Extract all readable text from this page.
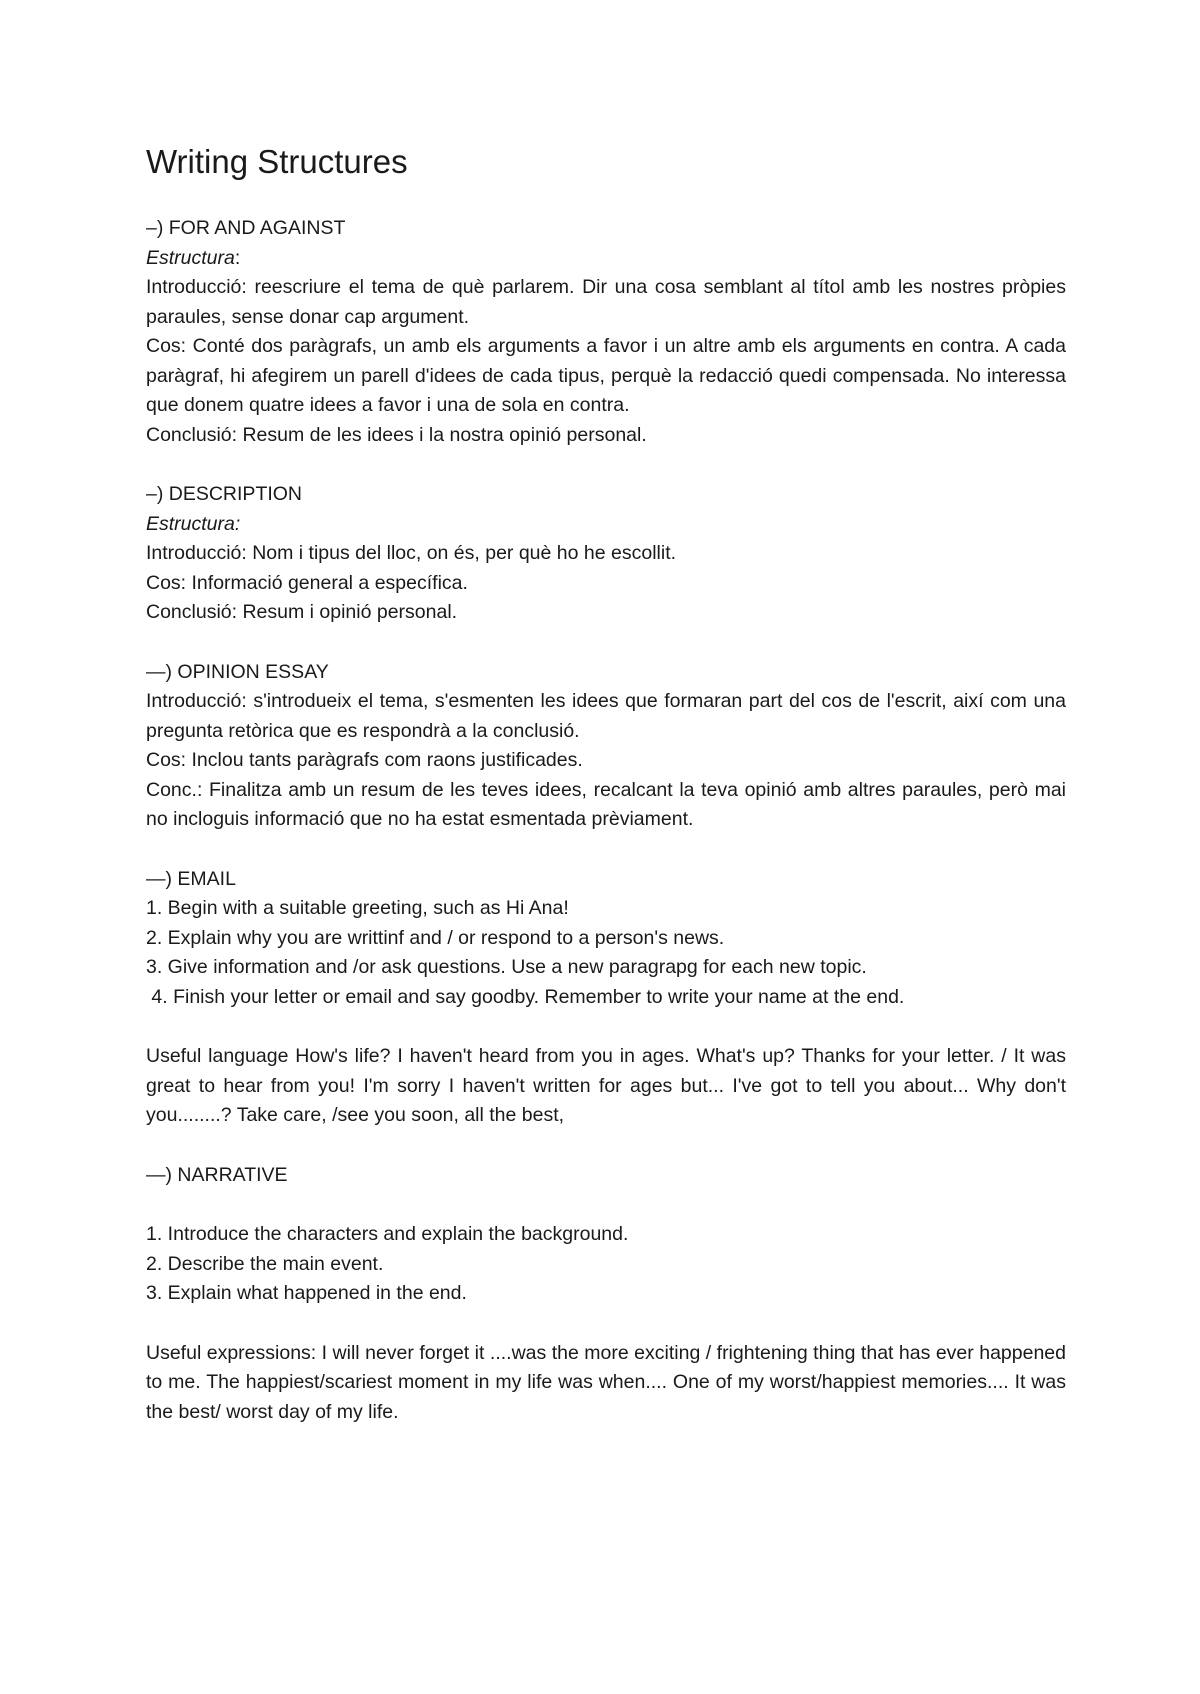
Writing Structures

–) FOR AND AGAINST

Estructura:

Introducció: reescriure el tema de què parlarem. Dir una cosa semblant al títol amb les nostres pròpies paraules, sense donar cap argument.

Cos: Conté dos paràgrafs, un amb els arguments a favor i un altre amb els arguments en contra. A cada paràgraf, hi afegirem un parell d'idees de cada tipus, perquè la redacció quedi compensada. No interessa que donem quatre idees a favor i una de sola en contra.

Conclusió: Resum de les idees i la nostra opinió personal.

–) DESCRIPTION

Estructura:

Introducció: Nom i tipus del lloc, on és, per què ho he escollit.

Cos: Informació general a específica.

Conclusió: Resum i opinió personal.

—) OPINION ESSAY

Introducció: s'introdueix el tema, s'esmenten les idees que formaran part del cos de l'escrit, així com una pregunta retòrica que es respondrà a la conclusió.

Cos: Inclou tants paràgrafs com raons justificades.

Conc.: Finalitza amb un resum de les teves idees, recalcant la teva opinió amb altres paraules, però mai no incloguis informació que no ha estat esmentada prèviament.

—) EMAIL

1. Begin with a suitable greeting, such as Hi Ana!

2. Explain why you are writtinf and / or respond to a person's news.

3. Give information and /or ask questions. Use a new paragrapg for each new topic.

4. Finish your letter or email and say goodby. Remember to write your name at the end.

Useful language How's life? I haven't heard from you in ages. What's up? Thanks for your letter. / It was great to hear from you! I'm sorry I haven't written for ages but... I've got to tell you about... Why don't you........? Take care, /see you soon, all the best,

—) NARRATIVE

1. Introduce the characters and explain the background.

2. Describe the main event.

3. Explain what happened in the end.

Useful expressions: I will never forget it ....was the more exciting / frightening thing that has ever happened to me. The happiest/scariest moment in my life was when.... One of my worst/happiest memories.... It was the best/ worst day of my life.
